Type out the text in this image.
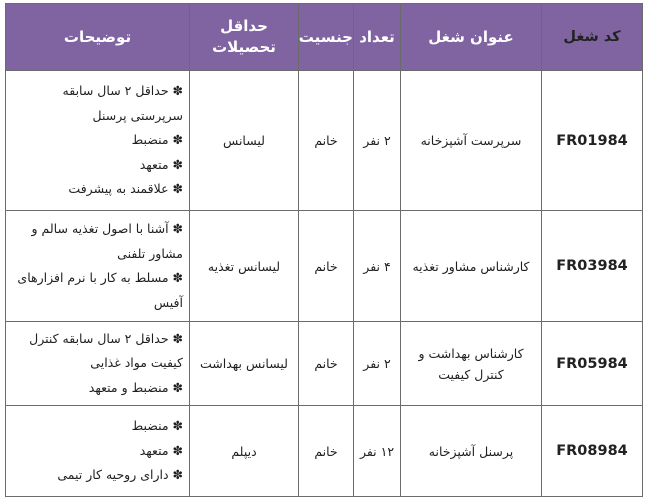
کد شغل	عنوان شغل	تعداد	جنسیت	حداقل تحصیلات	توضیحات
FR01984	سرپرست آشپزخانه	۲ نفر	خانم	لیسانس	✽ حداقل ۲ سال سابقه سرپرستی پرسنل
✽ منضبط
✽ متعهد
✽ علاقمند به پیشرفت

FR03984	کارشناس مشاور تغذیه	۴ نفر	خانم	لیسانس تغذیه	✽ آشنا با اصول تغذیه سالم و مشاور تلفنی
✽ مسلط به کار با نرم افزارهای آفیس

FR05984	کارشناس بهداشت و کنترل کیفیت	۲ نفر	خانم	لیسانس بهداشت	✽ حداقل ۲ سال سابقه کنترل کیفیت مواد غذایی
✽ منضبط و متعهد

FR08984	پرسنل آشپزخانه	۱۲ نفر	خانم	دیپلم	✽ منضبط
✽ متعهد
✽ دارای روحیه کار تیمی
